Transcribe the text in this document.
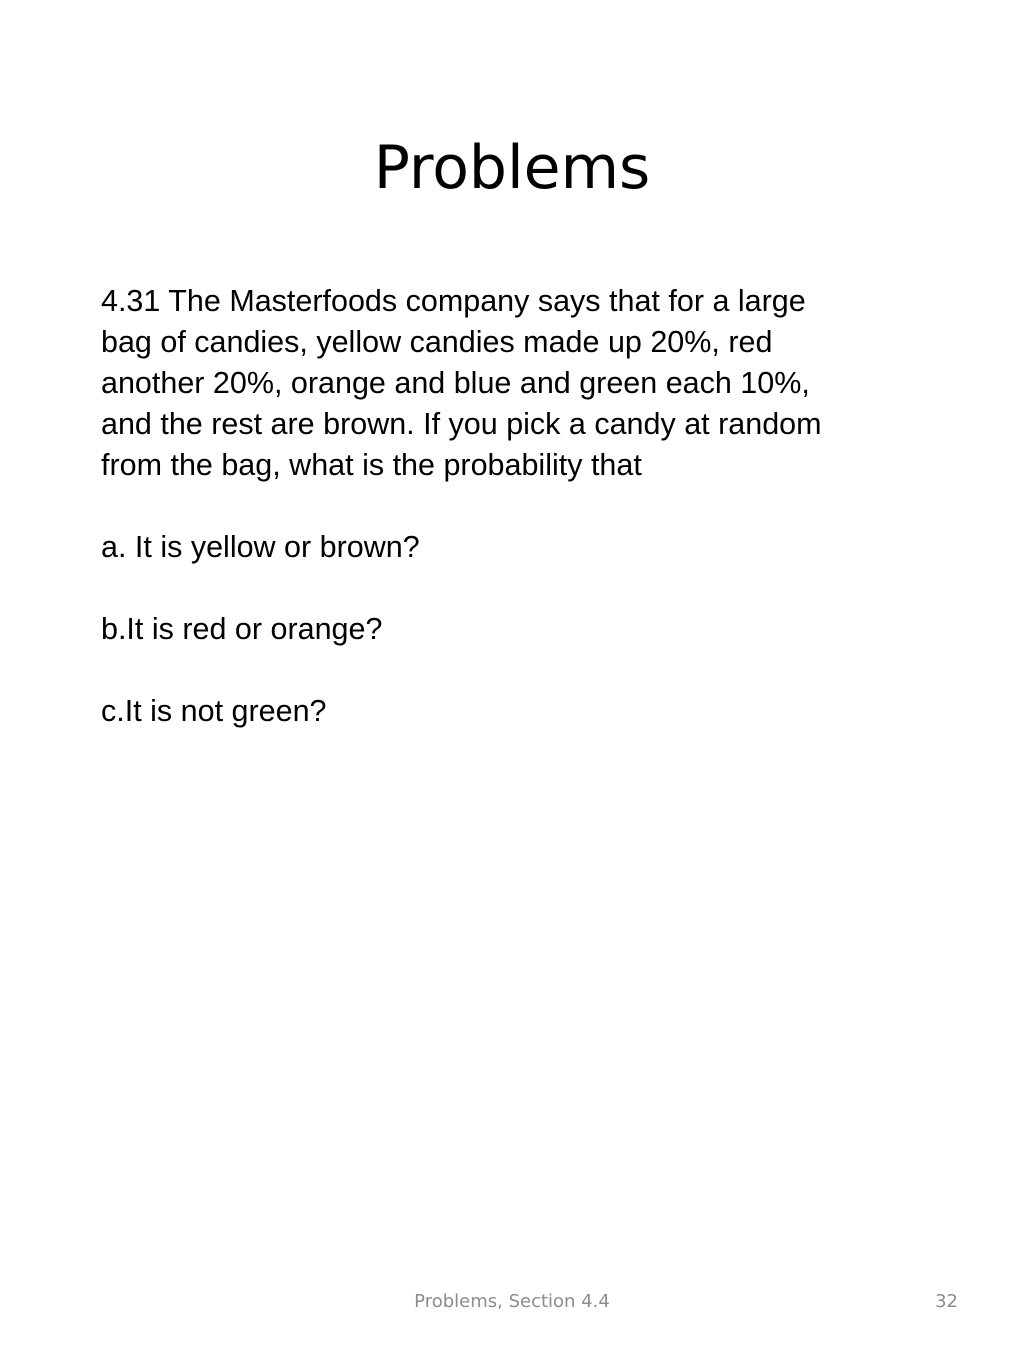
Problems

4.31 The Masterfoods company says that for a large

bag of candies, yellow candies made up 20%, red

another 20%, orange and blue and green each 10%,

and the rest are brown. If you pick a candy at random

from the bag, what is the probability that

a. It is yellow or brown?

b.It is red or orange?

c.It is not green?

Problems, Section 4.4	32
